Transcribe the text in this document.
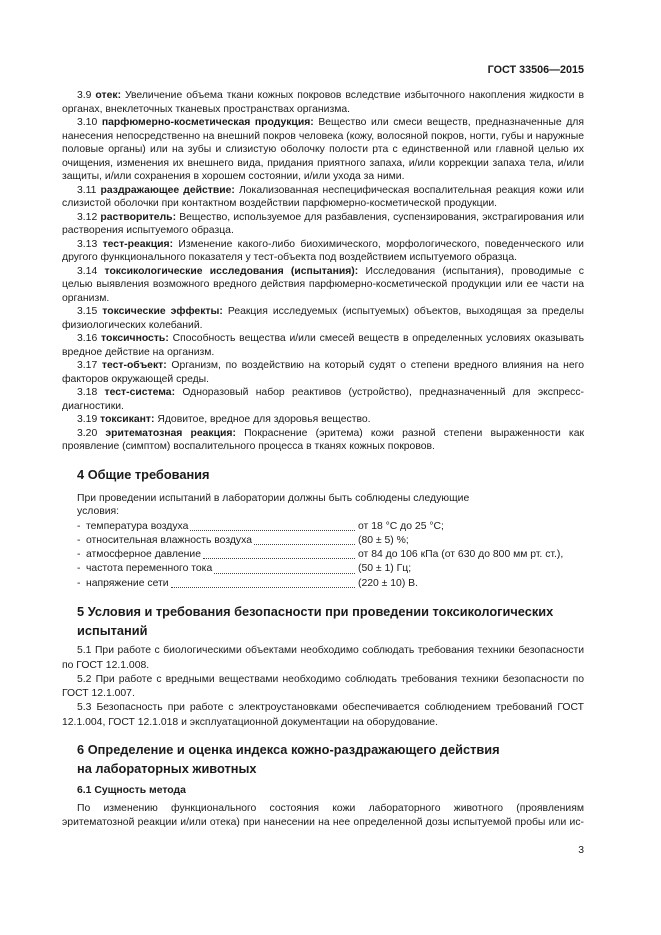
ГОСТ 33506—2015

3.9 отек: Увеличение объема ткани кожных покровов вследствие избыточного накопления жидкости в органах, внеклеточных тканевых пространствах организма.

3.10 парфюмерно-косметическая продукция: Вещество или смеси веществ, предназначенные для нанесения непосредственно на внешний покров человека (кожу, волосяной покров, ногти, губы и наружные половые органы) или на зубы и слизистую оболочку полости рта с единственной или главной целью их очищения, изменения их внешнего вида, придания приятного запаха, и/или коррекции запаха тела, и/или защиты, и/или сохранения в хорошем состоянии, и/или ухода за ними.

3.11 раздражающее действие: Локализованная неспецифическая воспалительная реакция кожи или слизистой оболочки при контактном воздействии парфюмерно-косметической продукции.

3.12 растворитель: Вещество, используемое для разбавления, суспензирования, экстрагирования или растворения испытуемого образца.

3.13 тест-реакция: Изменение какого-либо биохимического, морфологического, поведенческого или другого функционального показателя у тест-объекта под воздействием испытуемого образца.

3.14 токсикологические исследования (испытания): Исследования (испытания), проводимые с целью выявления возможного вредного действия парфюмерно-косметической продукции или ее части на организм.

3.15 токсические эффекты: Реакция исследуемых (испытуемых) объектов, выходящая за пределы физиологических колебаний.

3.16 токсичность: Способность вещества и/или смесей веществ в определенных условиях оказывать вредное действие на организм.

3.17 тест-объект: Организм, по воздействию на который судят о степени вредного влияния на него факторов окружающей среды.

3.18 тест-система: Одноразовый набор реактивов (устройство), предназначенный для экспресс-диагностики.

3.19 токсикант: Ядовитое, вредное для здоровья вещество.

3.20 эритематозная реакция: Покраснение (эритема) кожи разной степени выраженности как проявление (симптом) воспалительного процесса в тканях кожных покровов.

4 Общие требования
При проведении испытаний в лаборатории должны быть соблюдены следующие
условия:
-
температура воздуха	от 18 °C до 25 °C;
-
относительная влажность воздуха	(80 ± 5) %;
-
атмосферное давление	от 84 до 106 кПа (от 630 до 800 мм рт. ст.),
-
частота переменного тока	(50 ± 1) Гц;
-
напряжение сети	(220 ± 10) В.
5 Условия и требования безопасности при проведении токсикологических
испытаний

5.1 При работе с биологическими объектами необходимо соблюдать требования техники безопасности по ГОСТ 12.1.008.

5.2 При работе с вредными веществами необходимо соблюдать требования техники безопасности по ГОСТ 12.1.007.

5.3 Безопасность при работе с электроустановками обеспечивается соблюдением требований ГОСТ 12.1.004, ГОСТ 12.1.018 и эксплуатационной документации на оборудование.

6 Определение и оценка индекса кожно-раздражающего действия
на лабораторных животных
6.1 Сущность метода

По изменению функционального состояния кожи лабораторного животного (проявлениям эритематозной реакции и/или отека) при нанесении на нее определенной дозы испытуемой пробы или ис-

3
